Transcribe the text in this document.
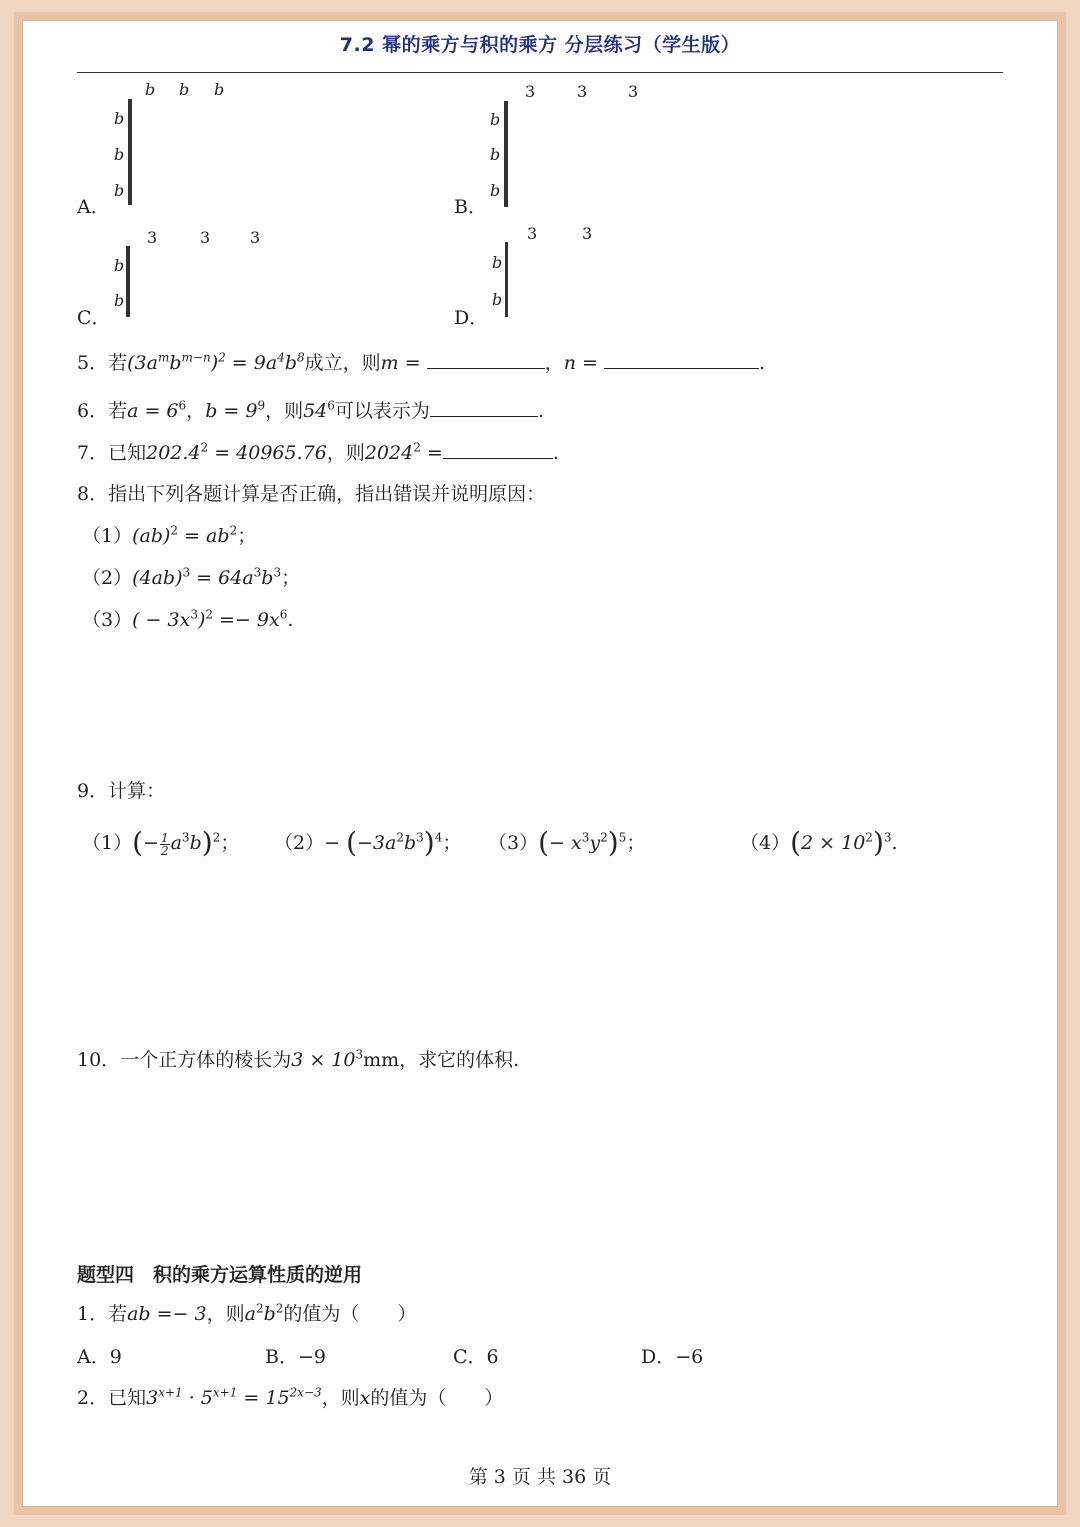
7.2 幂的乘方与积的乘方 分层练习（学生版）
A．
b b b
b
b
b

B．
3	3	3
b
b
b

C．
3	3 3
b
b

D．
3	3
b
b

5．若$(3a^mb^{m-n})^2 = 9a^4b^8$成立，则m =	，n =	.
6．若$a = 6^6$，$b = 9^9$，则$54^6$可以表示为	.
7．已知$202.4^2 = 40965.76$，则$2024^2$ =	.
8．指出下列各题计算是否正确，指出错误并说明原因：
$(1)(ab)^2 = ab^2$；
$(2)(4ab)^3 = 64a^3b^3$；
$(3)( - 3x^3)^2 =- 9x^6$.
9．计算：
$(1)(- \frac{1}{2} a^3b)^2$； $(2)- (-3a^2b^3)^4$； $(3)(- x^3y^2)^5$；	$(4)(2 \times 10^2)^3$.
10．一个正方体的棱长为$3 \times 10^3mm$，求它的体积.
题型四　积的乘方运算性质的逆用
1．若ab =− 3，则$a^2b^2$的值为（　　）
A．9	B．−9	C．6	D．−6
2．已知$3^{x+1} \cdot 5^{x+1} = 15^{2x-3}$，则x的值为（　　）
第 3 页 共 36 页
